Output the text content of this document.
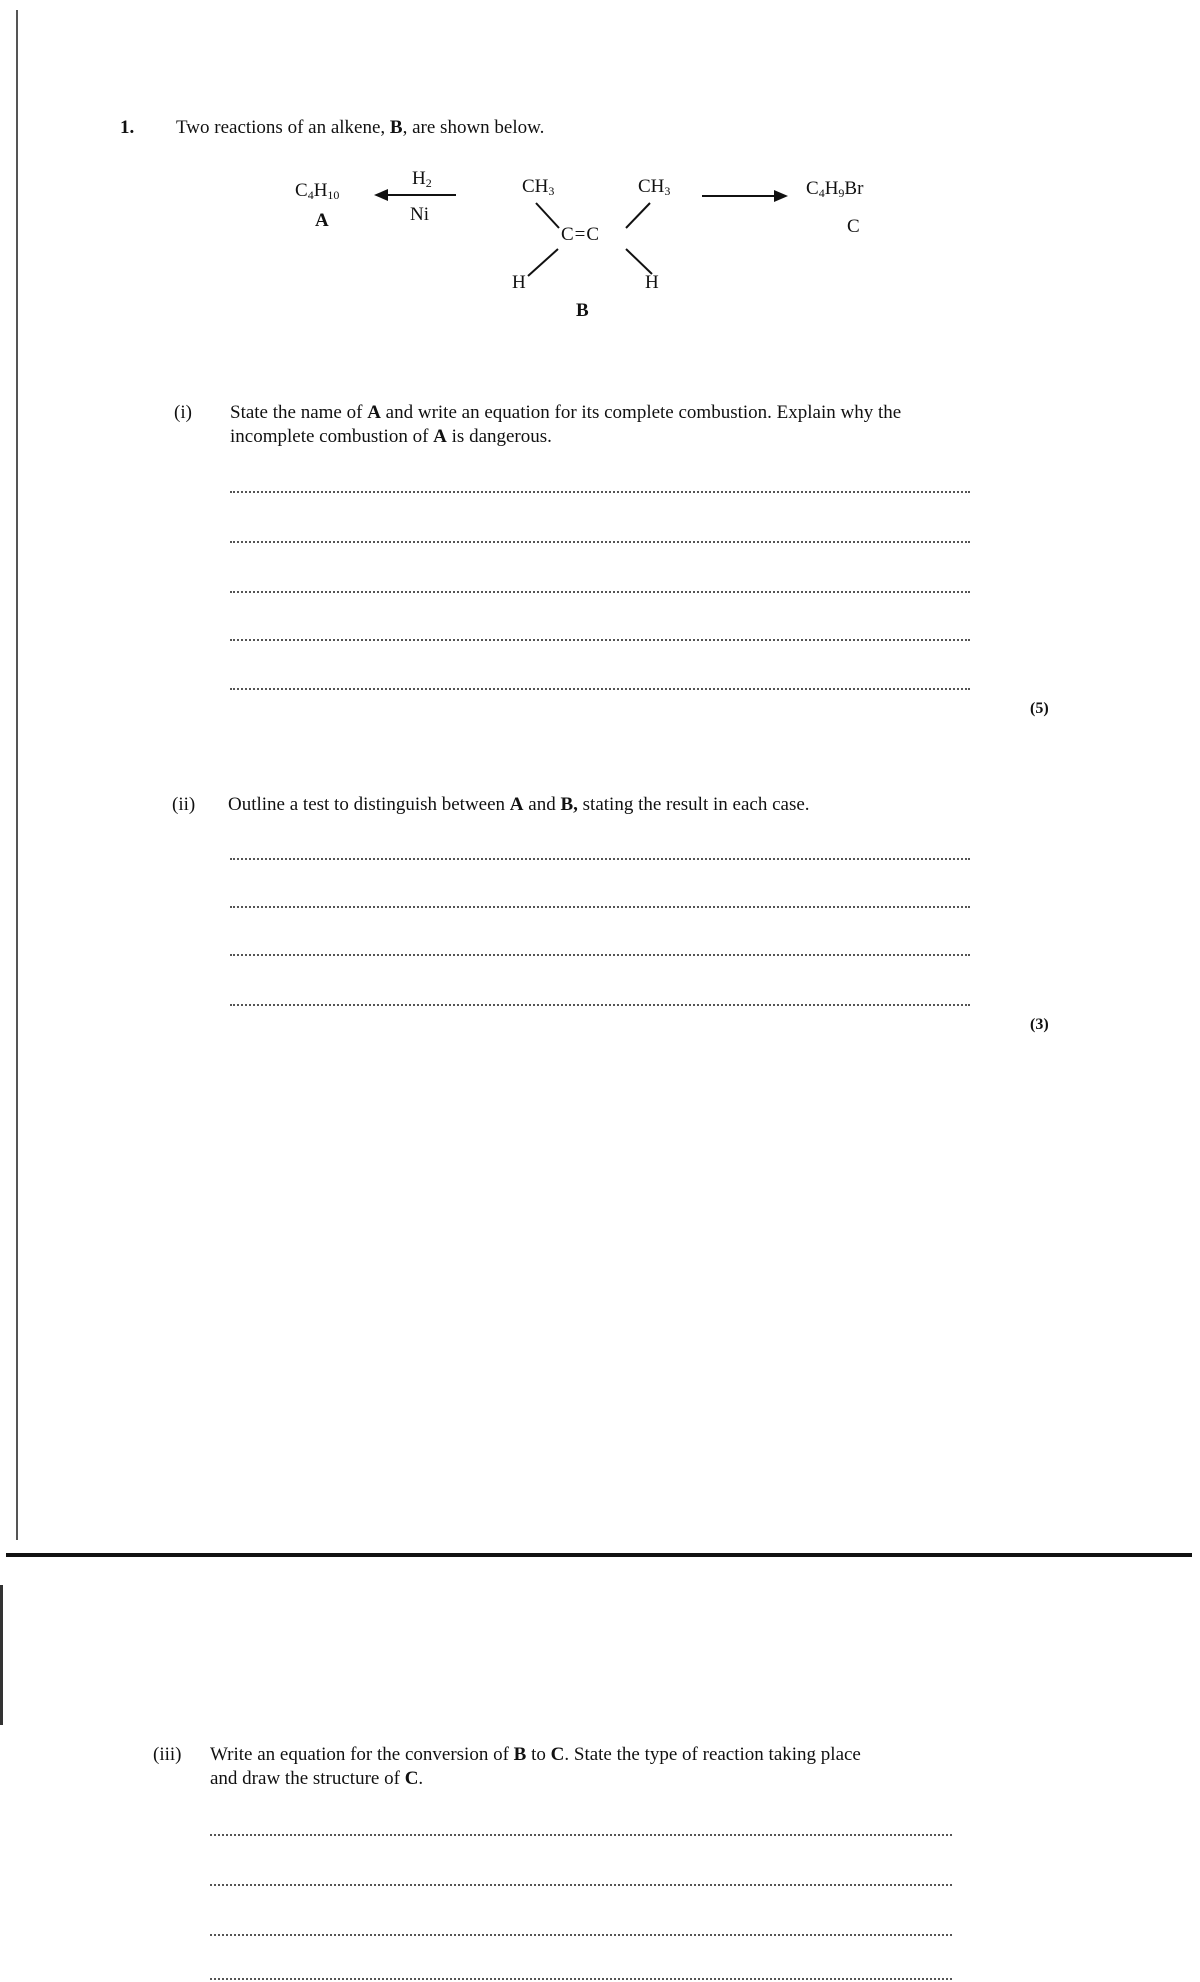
1. Two reactions of an alkene, B, are shown below.
$C_4H_{10}$
A
$H_2$
Ni
$CH_3$	$CH_3$
C=C
H	H
B
$C_4H_9Br$
C
(i) State the name of A and write an equation for its complete combustion. Explain why the
incomplete combustion of A is dangerous.
(5)
(ii) Outline a test to distinguish between A and B, stating the result in each case.
(3)
(iii) Write an equation for the conversion of B to C. State the type of reaction taking place
and draw the structure of C.
